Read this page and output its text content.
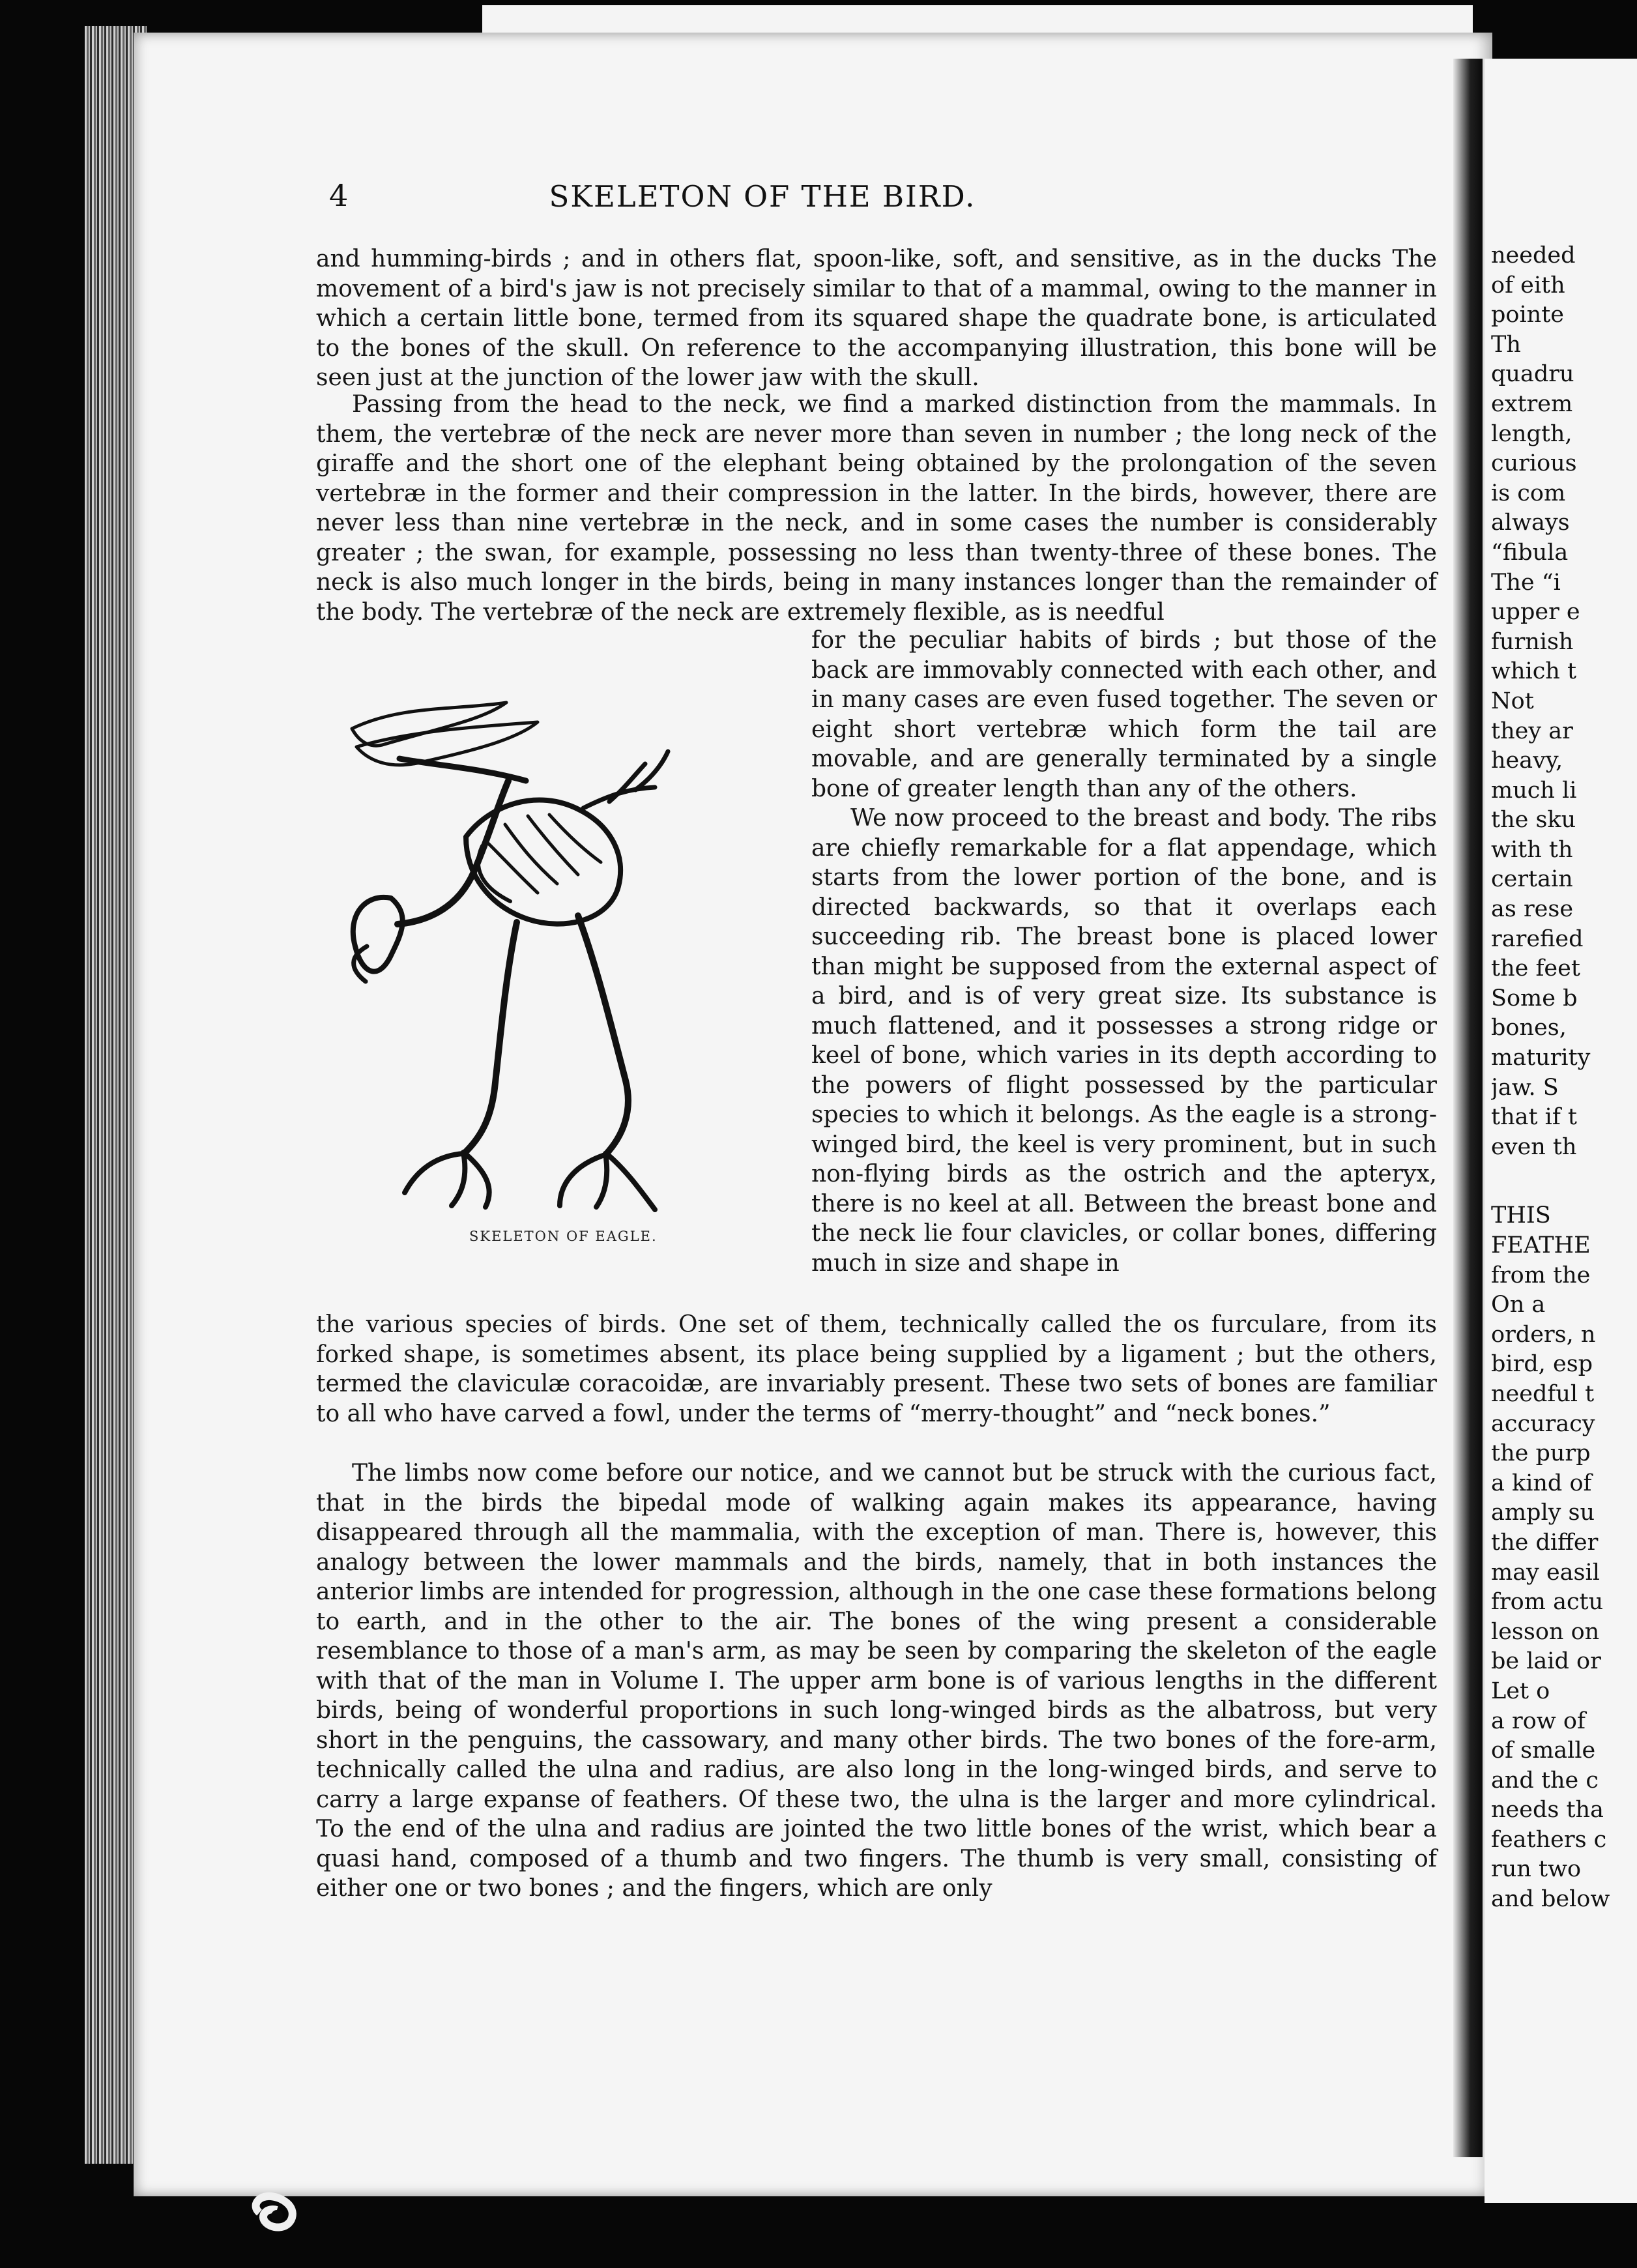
needed
of eith
pointe
Th
quadru
extrem
length,
curious
is com
always
“fibula
The “i
upper e
furnish
which t
Not
they ar
heavy,
much li
the sku
with th
certain
as rese
rarefied
the feet
Some b
bones,
maturity
jaw. S
that if t
even th
THIS
FEATHE
from the
On a
orders, n
bird, esp
needful t
accuracy
the purp
a kind of
amply su
the differ
may easil
from actu
lesson on
be laid or
Let o
a row of
of smalle
and the c
needs tha
feathers c
run two
and below
4	SKELETON OF THE BIRD.

and humming-birds ; and in others flat, spoon-like, soft, and sensitive, as in the ducks The movement of a bird's jaw is not precisely similar to that of a mammal, owing to the manner in which a certain little bone, termed from its squared shape the quadrate bone, is articulated to the bones of the skull. On reference to the accompanying illustration, this bone will be seen just at the junction of the lower jaw with the skull.

Passing from the head to the neck, we find a marked distinction from the mammals. In them, the vertebræ of the neck are never more than seven in number ; the long neck of the giraffe and the short one of the elephant being obtained by the prolongation of the seven vertebræ in the former and their compression in the latter. In the birds, however, there are never less than nine vertebræ in the neck, and in some cases the number is considerably greater ; the swan, for example, possessing no less than twenty-three of these bones. The neck is also much longer in the birds, being in many instances longer than the remainder of the body. The vertebræ of the neck are extremely flexible, as is needful

for the peculiar habits of birds ; but those of the back are immovably connected with each other, and in many cases are even fused together. The seven or eight short vertebræ which form the tail are movable, and are generally terminated by a single bone of greater length than any of the others.

We now proceed to the breast and body. The ribs are chiefly remarkable for a flat appendage, which starts from the lower portion of the bone, and is directed backwards, so that it overlaps each succeeding rib. The breast bone is placed lower than might be supposed from the external aspect of a bird, and is of very great size. Its substance is much flattened, and it possesses a strong ridge or keel of bone, which varies in its depth according to the powers of flight possessed by the particular species to which it belongs. As the eagle is a strong-winged bird, the keel is very prominent, but in such non-flying birds as the ostrich and the apteryx, there is no keel at all. Between the breast bone and the neck lie four clavicles, or collar bones, differing much in size and shape in

SKELETON OF EAGLE.

the various species of birds. One set of them, technically called the os furculare, from its forked shape, is sometimes absent, its place being supplied by a ligament ; but the others, termed the claviculæ coracoidæ, are invariably present. These two sets of bones are familiar to all who have carved a fowl, under the terms of “merry-thought” and “neck bones.”

The limbs now come before our notice, and we cannot but be struck with the curious fact, that in the birds the bipedal mode of walking again makes its appearance, having disappeared through all the mammalia, with the exception of man. There is, however, this analogy between the lower mammals and the birds, namely, that in both instances the anterior limbs are intended for progression, although in the one case these formations belong to earth, and in the other to the air. The bones of the wing present a considerable resemblance to those of a man's arm, as may be seen by comparing the skeleton of the eagle with that of the man in Volume I. The upper arm bone is of various lengths in the different birds, being of wonderful proportions in such long-winged birds as the albatross, but very short in the penguins, the cassowary, and many other birds. The two bones of the fore-arm, technically called the ulna and radius, are also long in the long-winged birds, and serve to carry a large expanse of feathers. Of these two, the ulna is the larger and more cylindrical. To the end of the ulna and radius are jointed the two little bones of the wrist, which bear a quasi hand, composed of a thumb and two fingers. The thumb is very small, consisting of either one or two bones ; and the fingers, which are only
